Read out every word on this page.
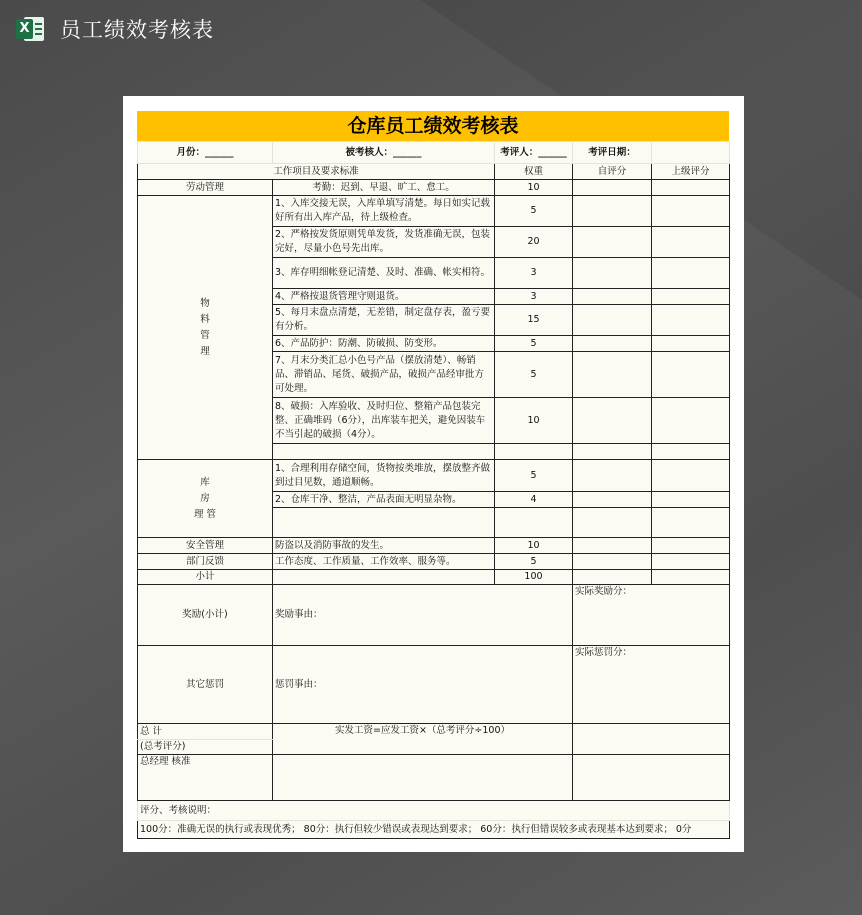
X 员工绩效考核表
仓库员工绩效考核表
月份：______	被考核人：______	考评人：______	考评日期：	
工作项目及要求标准		权重	自评分	上级评分
劳动管理	考勤：迟到、早退、旷工、怠工。	10		

物
料
管
理	1、入库交接无误，入库单填写清楚。每日如实记载好所有出入库产品，待上级检查。	5		
	2、严格按发货原则凭单发货，发货准确无误，包装完好，尽量小色号先出库。	20		
	3、库存明细帐登记清楚、及时、准确、帐实相符。	3		
	4、严格按退货管理守则退货。	3		
	5、每月末盘点清楚，无差错，制定盘存表，盈亏要有分析。	15		
	6、产品防护：防潮、防破损、防变形。	5		
	7、月末分类汇总小色号产品（摆放清楚）、畅销品、滞销品、尾货、破损产品，破损产品经审批方可处理。	5		
	8、破损：入库验收、及时归位、整箱产品包装完整、正确堆码（6分），出库装车把关，避免因装车不当引起的破损（4分）。	10		

库
房
理 管	1、合理利用存储空间，货物按类堆放，摆放整齐做到过目见数，通道顺畅。	5		
	2、仓库干净、整洁，产品表面无明显杂物。	4		

安全管理	防盗以及消防事故的发生。	10		
部门反馈	工作态度、工作质量、工作效率、服务等。	5		
小计		100		
奖励(小计)	奖励事由：		实际奖励分：	
其它惩罚	惩罚事由：		实际惩罚分：	
总 计	实发工资=应发工资×（总考评分÷100）			
(总考评分)				
总经理 核准				
评分、考核说明：				
100分：准确无误的执行或表现优秀； 80分：执行但较少错误或表现达到要求； 60分：执行但错误较多或表现基本达到要求； 0分				
